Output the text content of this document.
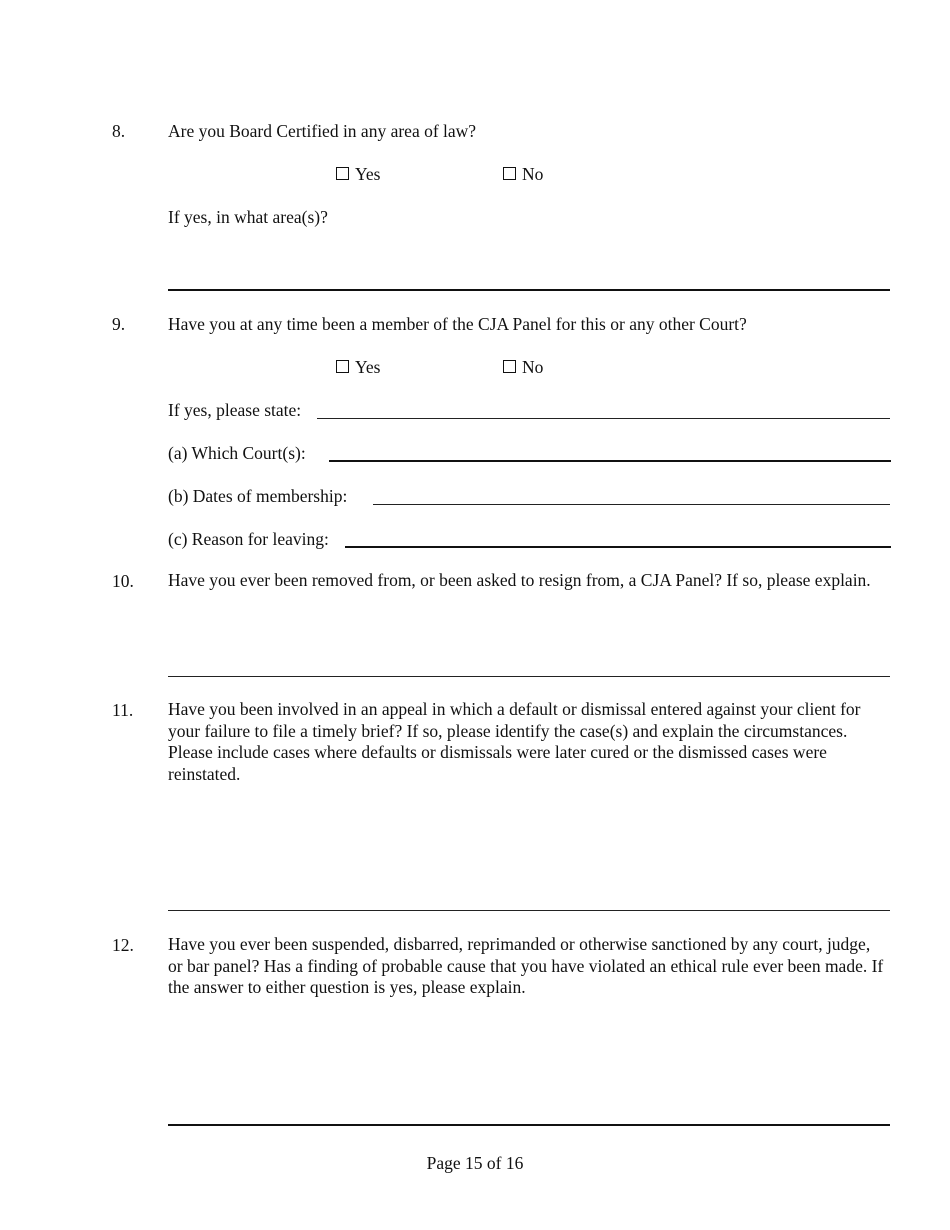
8. Are you Board Certified in any area of law?
Yes	No
If yes, in what area(s)?
9. Have you at any time been a member of the CJA Panel for this or any other Court?
Yes	No
If yes, please state:
(a) Which Court(s):
(b) Dates of membership:
(c) Reason for leaving:
10. Have you ever been removed from, or been asked to resign from, a CJA Panel? If so, please explain.
11. Have you been involved in an appeal in which a default or dismissal entered against your client for your failure to file a timely brief? If so, please identify the case(s) and explain the circumstances. Please include cases where defaults or dismissals were later cured or the dismissed cases were reinstated.
12. Have you ever been suspended, disbarred, reprimanded or otherwise sanctioned by any court, judge, or bar panel? Has a finding of probable cause that you have violated an ethical rule ever been made. If the answer to either question is yes, please explain.
Page 15 of 16
